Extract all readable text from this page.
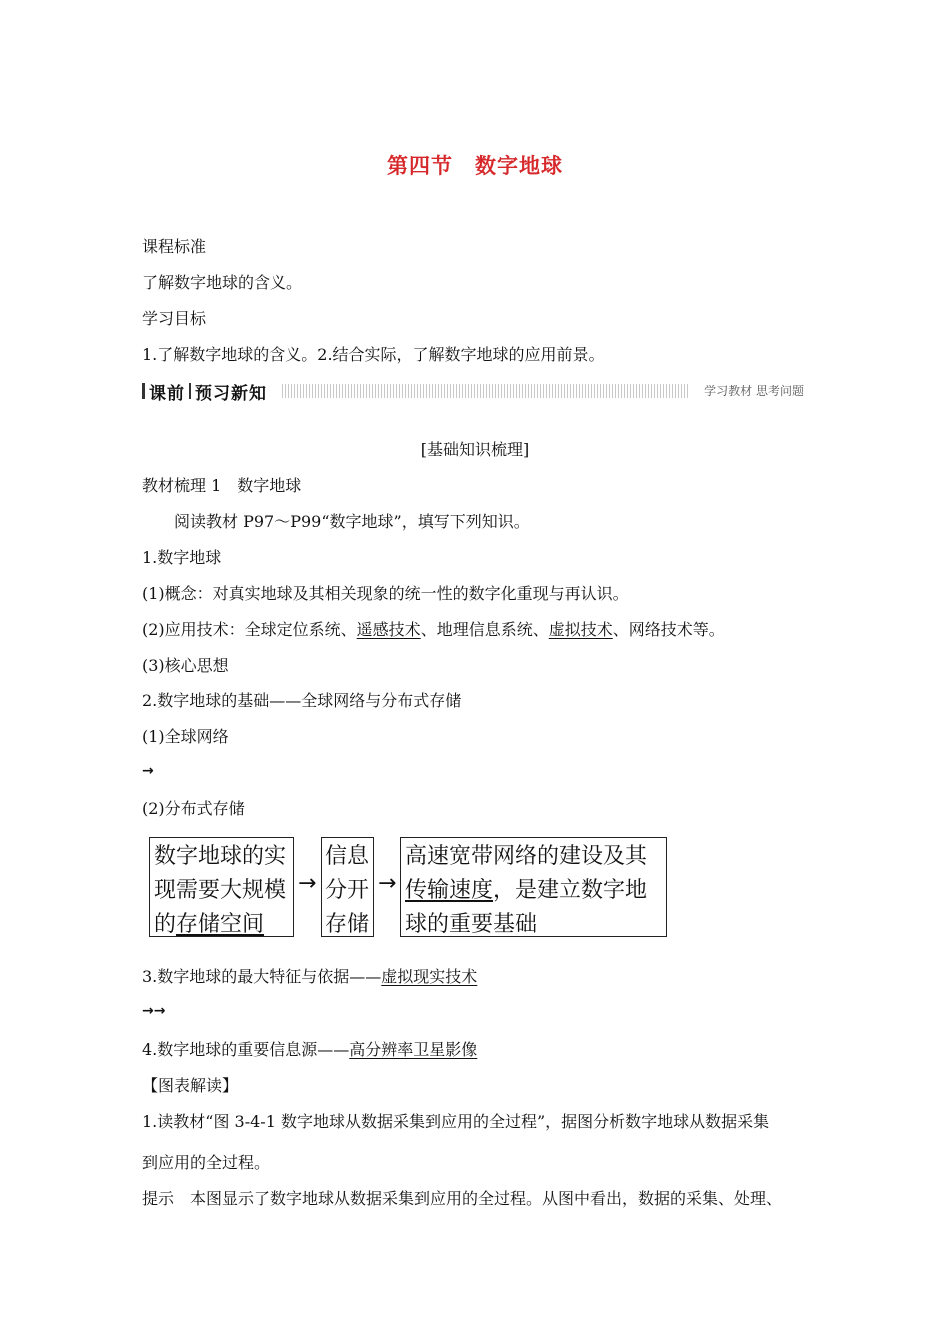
第四节　数字地球
课程标准
了解数字地球的含义。
学习目标
1.了解数字地球的含义。2.结合实际，了解数字地球的应用前景。
课前 预习新知	学习教材 思考问题
[基础知识梳理]
教材梳理 1　数字地球
阅读教材 P97～P99“数字地球”，填写下列知识。
1.数字地球
(1)概念：对真实地球及其相关现象的统一性的数字化重现与再认识。
(2)应用技术：全球定位系统、遥感技术、地理信息系统、虚拟技术、网络技术等。
(3)核心思想
2.数字地球的基础——全球网络与分布式存储
(1)全球网络
→
(2)分布式存储
数字地球的实现需要大规模的存储空间
→
信息分开存储
→
高速宽带网络的建设及其传输速度，是建立数字地球的重要基础
3.数字地球的最大特征与依据——虚拟现实技术
→→
4.数字地球的重要信息源——高分辨率卫星影像
【图表解读】
1.读教材“图 3-4-1 数字地球从数据采集到应用的全过程”，据图分析数字地球从数据采集
到应用的全过程。
提示　本图显示了数字地球从数据采集到应用的全过程。从图中看出，数据的采集、处理、
